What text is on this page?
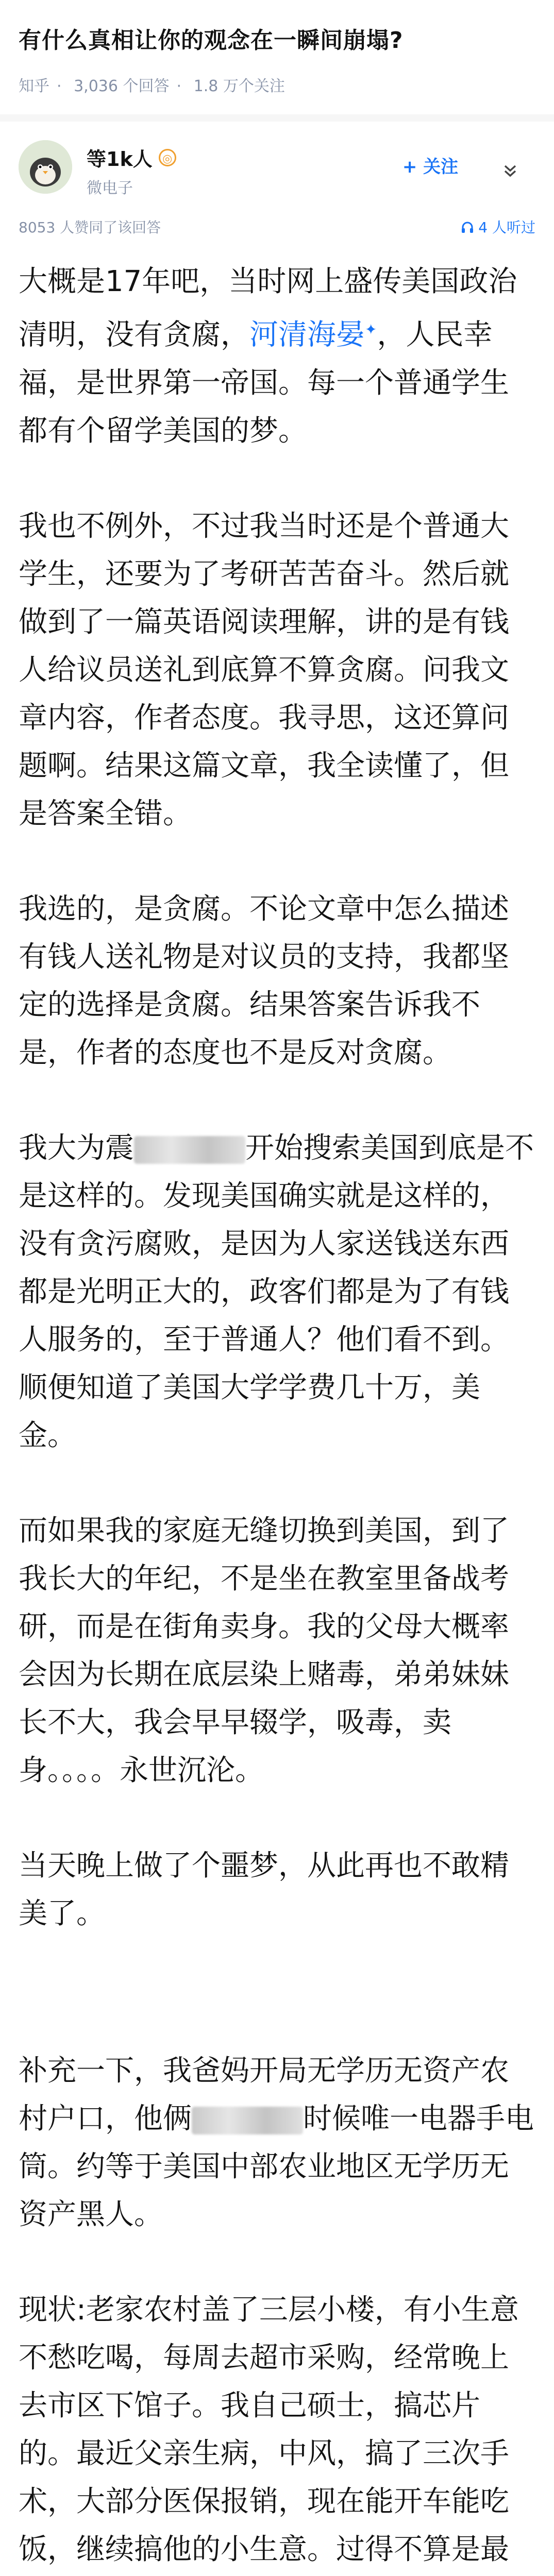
有什么真相让你的观念在一瞬间崩塌?
知乎 · 3,036 个回答 · 1.8 万个关注
等1k人 ◎
微电子
+ 关注
8053 人赞同了该回答	4 人听过

大概是17年吧，当时网上盛传美国政治清明，没有贪腐，河清海晏✦，人民幸福，是世界第一帝国。每一个普通学生都有个留学美国的梦。

我也不例外，不过我当时还是个普通大学生，还要为了考研苦苦奋斗。然后就做到了一篇英语阅读理解，讲的是有钱人给议员送礼到底算不算贪腐。问我文章内容，作者态度。我寻思，这还算问题啊。结果这篇文章，我全读懂了，但是答案全错。

我选的，是贪腐。不论文章中怎么描述有钱人送礼物是对议员的支持，我都坚定的选择是贪腐。结果答案告诉我不是，作者的态度也不是反对贪腐。

我大为震	开始搜索美国到底是不是这样的。发现美国确实就是这样的，没有贪污腐败，是因为人家送钱送东西都是光明正大的，政客们都是为了有钱人服务的，至于普通人？他们看不到。顺便知道了美国大学学费几十万，美金。

而如果我的家庭无缝切换到美国，到了我长大的年纪，不是坐在教室里备战考研，而是在街角卖身。我的父母大概率会因为长期在底层染上赌毒，弟弟妹妹长不大，我会早早辍学，吸毒，卖身。。。。永世沉沦。

当天晚上做了个噩梦，从此再也不敢精美了。

补充一下，我爸妈开局无学历无资产农村户口，他俩	时候唯一电器手电筒。约等于美国中部农业地区无学历无资产黑人。

现状:老家农村盖了三层小楼，有小生意不愁吃喝，每周去超市采购，经常晚上去市区下馆子。我自己硕士，搞芯片的。最近父亲生病，中风，搞了三次手术，大部分医保报销，现在能开车能吃饭，继续搞他的小生意。过得不算是最
